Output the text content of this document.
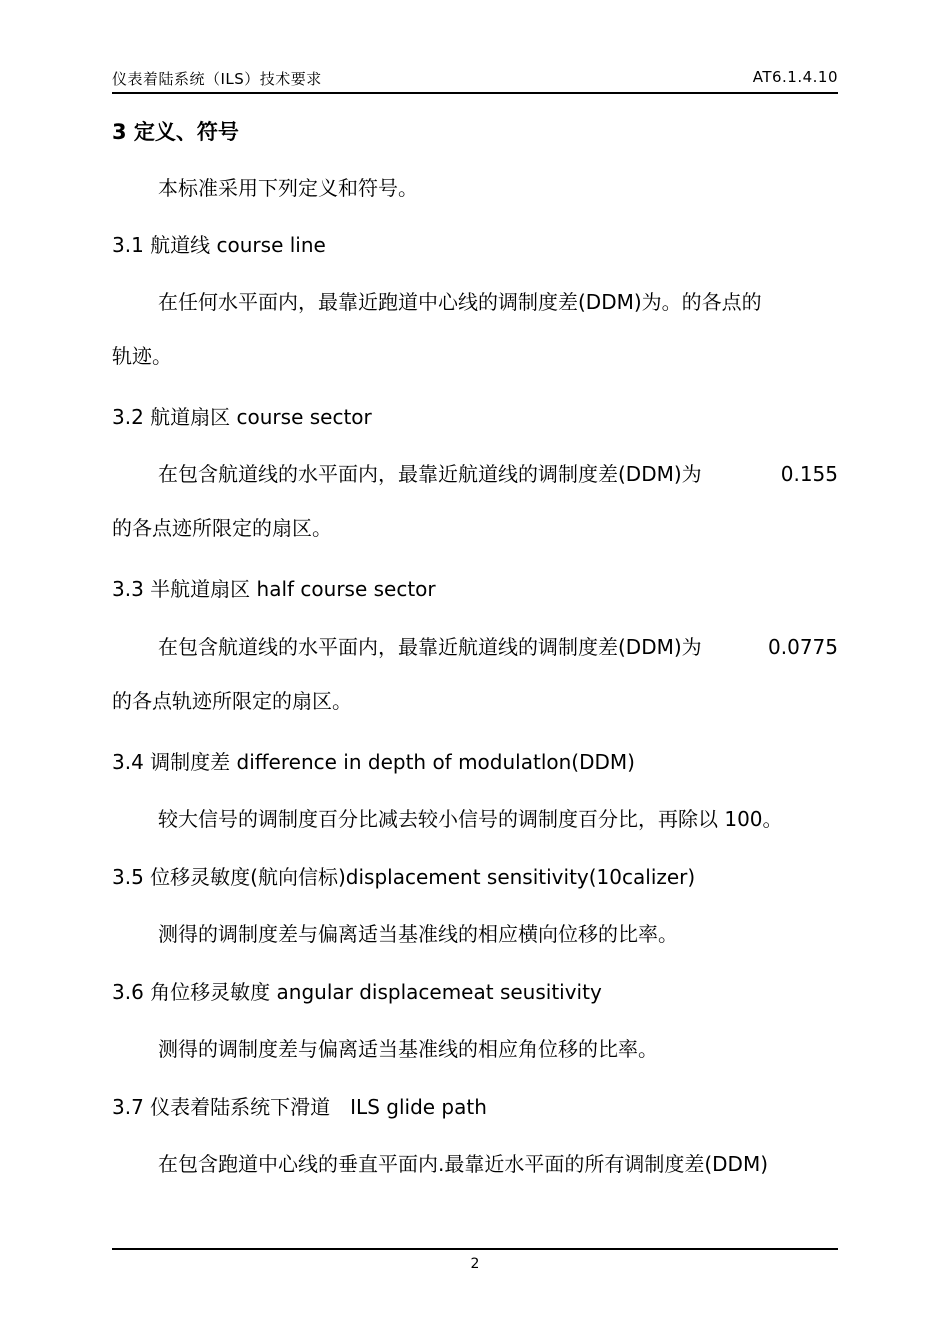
仪表着陆系统（ILS）技术要求	AT6.1.4.10
3 定义、符号
本标准采用下列定义和符号。
3.1 航道线 course line
在任何水平面内，最靠近跑道中心线的调制度差(DDM)为。的各点的
轨迹。
3.2 航道扇区 course sector
在包含航道线的水平面内，最靠近航道线的调制度差(DDM)为	0.155
的各点迹所限定的扇区。
3.3 半航道扇区 half course sector
在包含航道线的水平面内，最靠近航道线的调制度差(DDM)为	0.0775
的各点轨迹所限定的扇区。
3.4 调制度差 difference in depth of modulatlon(DDM)
较大信号的调制度百分比减去较小信号的调制度百分比，再除以 100。
3.5 位移灵敏度(航向信标)displacement sensitivity(10calizer)
测得的调制度差与偏离适当基准线的相应横向位移的比率。
3.6 角位移灵敏度 angular displacemeat seusitivity
测得的调制度差与偏离适当基准线的相应角位移的比率。
3.7 仪表着陆系统下滑道　ILS glide path
在包含跑道中心线的垂直平面内.最靠近水平面的所有调制度差(DDM)
2
